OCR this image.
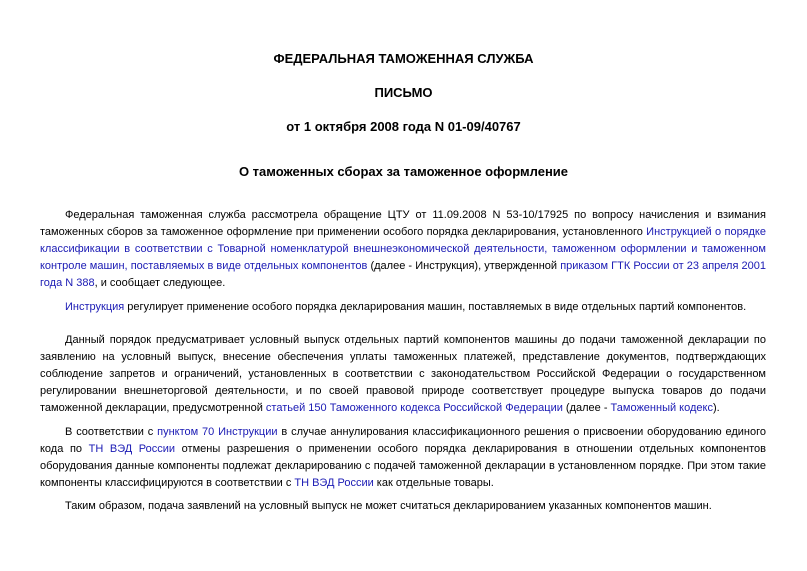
ФЕДЕРАЛЬНАЯ ТАМОЖЕННАЯ СЛУЖБА
ПИСЬМО
от 1 октября 2008 года N 01-09/40767
О таможенных сборах за таможенное оформление

Федеральная таможенная служба рассмотрела обращение ЦТУ от 11.09.2008 N 53-10/17925 по вопросу начисления и взимания таможенных сборов за таможенное оформление при применении особого порядка декларирования, установленного Инструкцией о порядке классификации в соответствии с Товарной номенклатурой внешнеэкономической деятельности, таможенном оформлении и таможенном контроле машин, поставляемых в виде отдельных компонентов (далее - Инструкция), утвержденной приказом ГТК России от 23 апреля 2001 года N 388, и сообщает следующее.

Инструкция регулирует применение особого порядка декларирования машин, поставляемых в виде отдельных партий компонентов.

Данный порядок предусматривает условный выпуск отдельных партий компонентов машины до подачи таможенной декларации по заявлению на условный выпуск, внесение обеспечения уплаты таможенных платежей, представление документов, подтверждающих соблюдение запретов и ограничений, установленных в соответствии с законодательством Российской Федерации о государственном регулировании внешнеторговой деятельности, и по своей правовой природе соответствует процедуре выпуска товаров до подачи таможенной декларации, предусмотренной статьей 150 Таможенного кодекса Российской Федерации (далее - Таможенный кодекс).

В соответствии с пунктом 70 Инструкции в случае аннулирования классификационного решения о присвоении оборудованию единого кода по ТН ВЭД России отмены разрешения о применении особого порядка декларирования в отношении отдельных компонентов оборудования данные компоненты подлежат декларированию с подачей таможенной декларации в установленном порядке. При этом такие компоненты классифицируются в соответствии с ТН ВЭД России как отдельные товары.

Таким образом, подача заявлений на условный выпуск не может считаться декларированием указанных компонентов машин.
